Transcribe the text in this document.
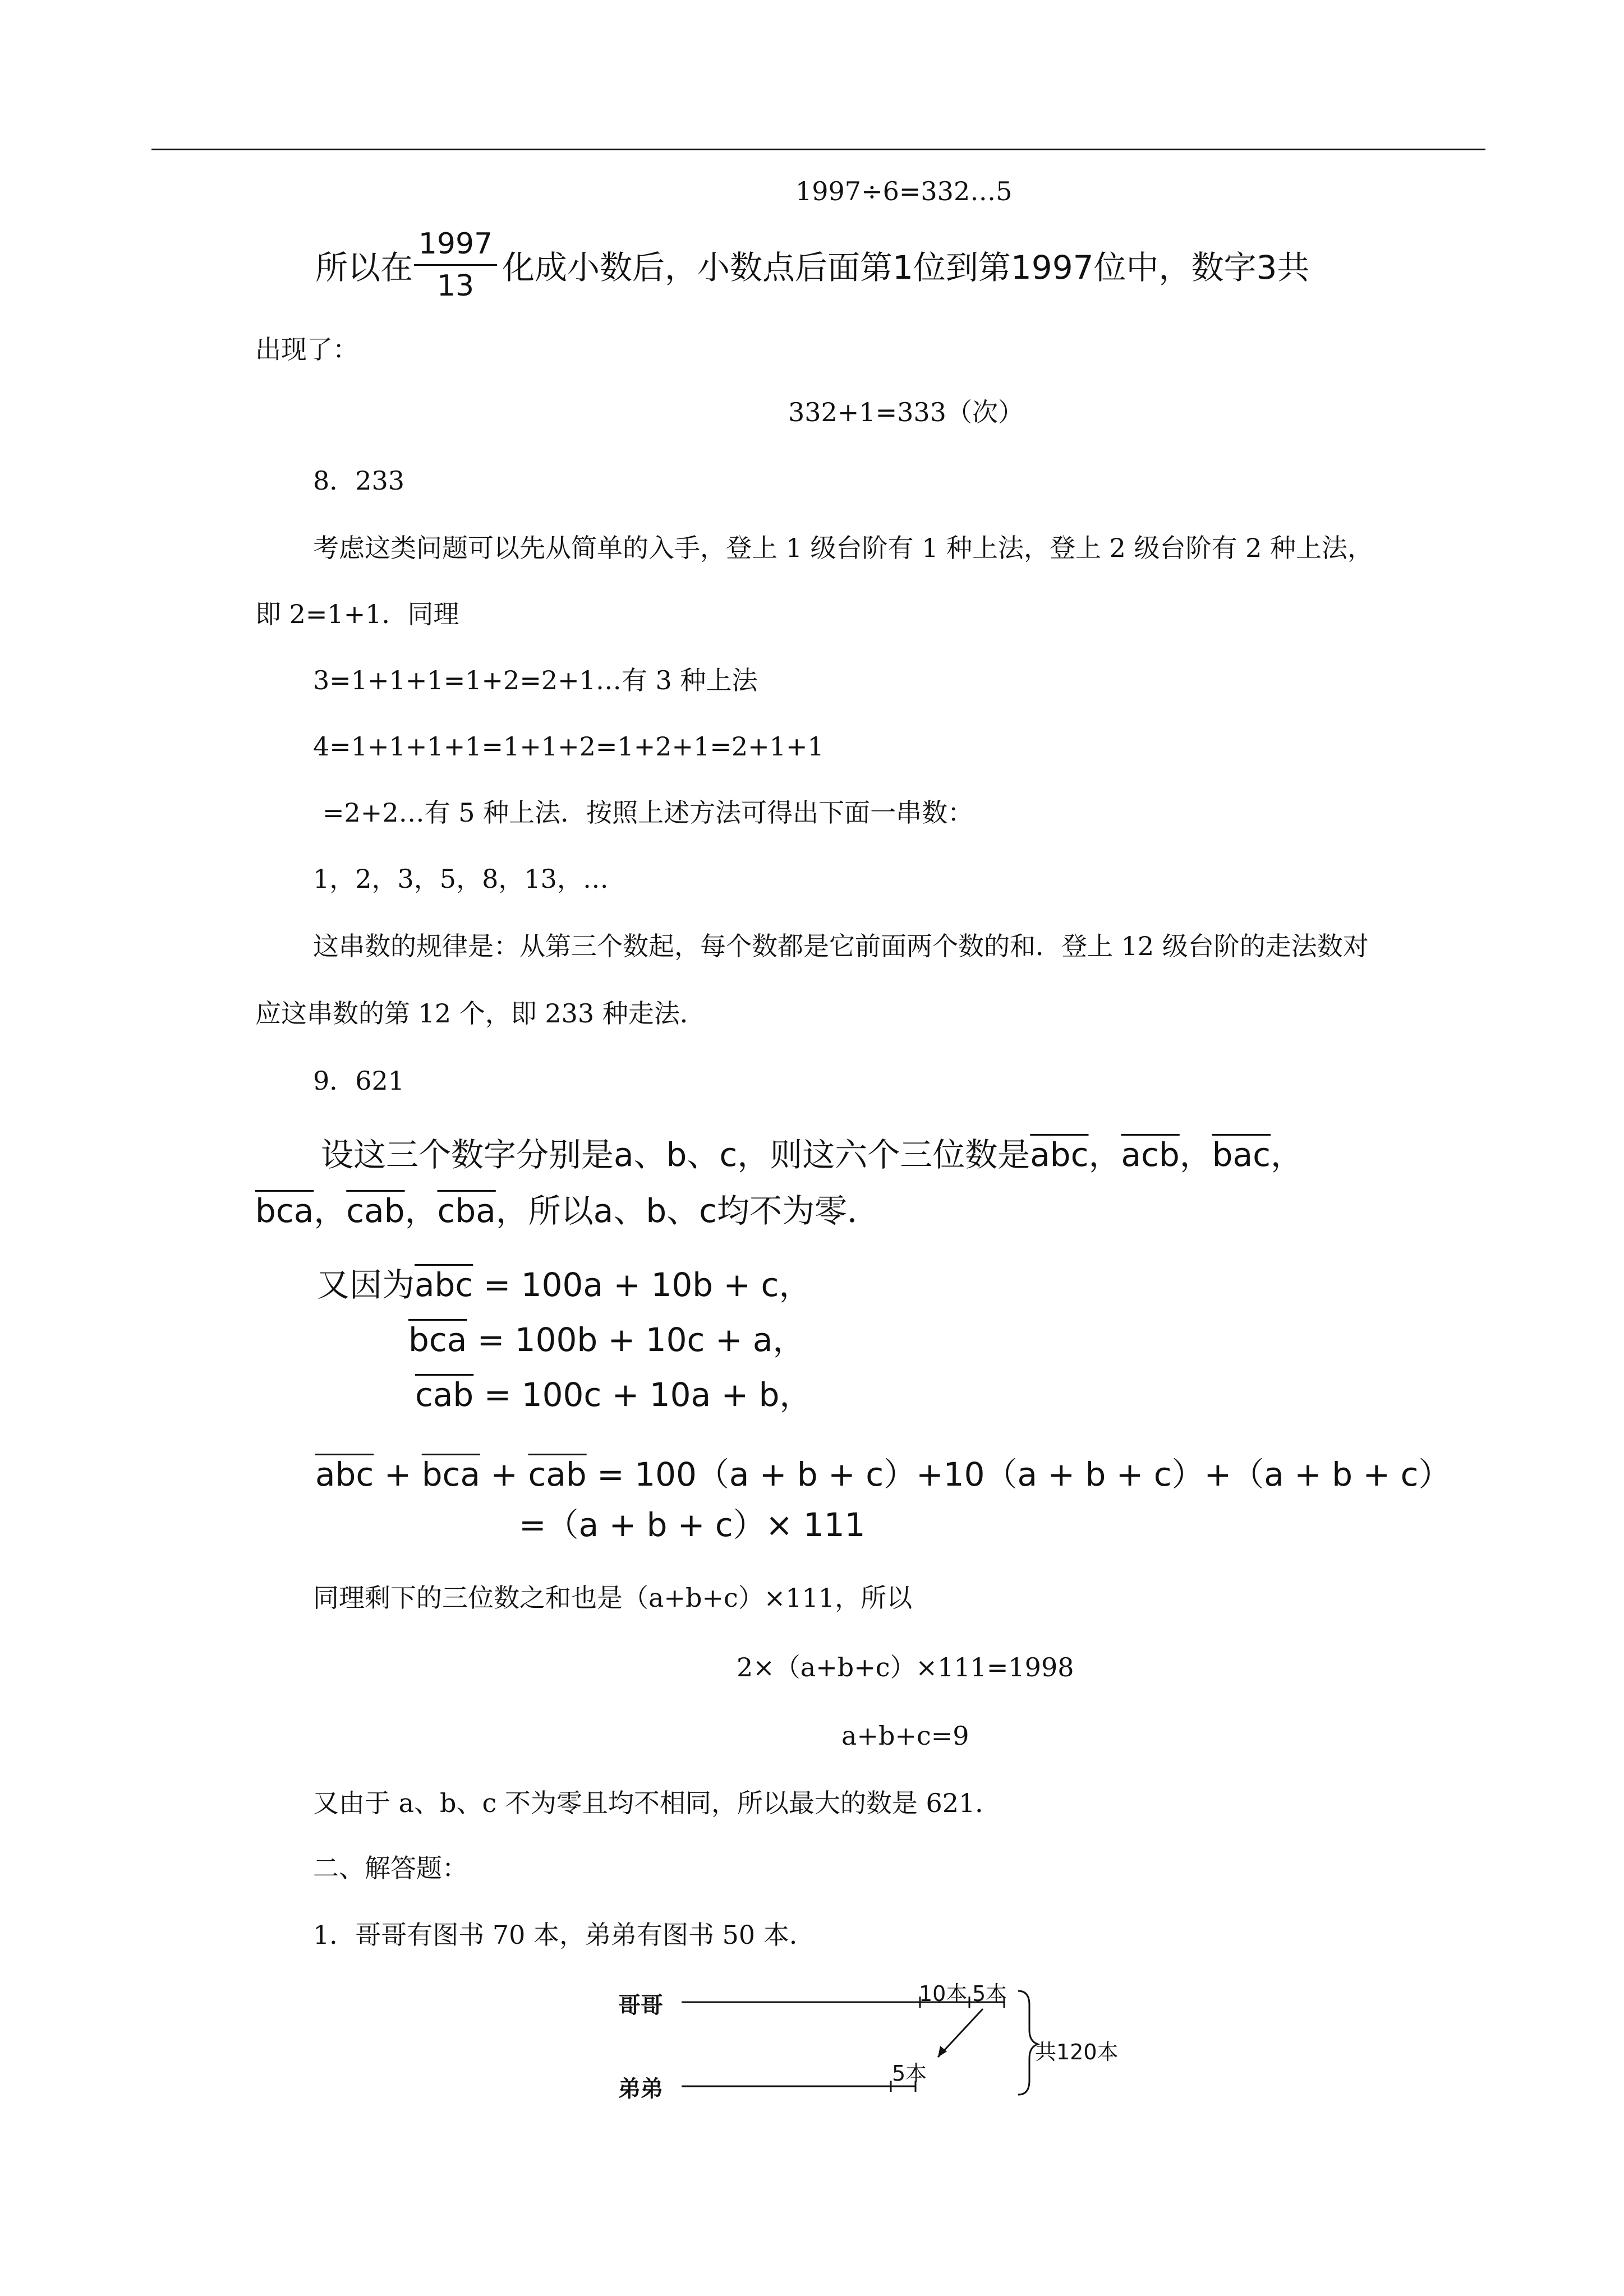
1997÷6=332…5
所以在 $\frac{1997}{13}$ 化成小数后，小数点后面第1位到第1997位中，数字3共
出现了：
332+1=333（次）
8．233
考虑这类问题可以先从简单的入手，登上 1 级台阶有 1 种上法，登上 2 级台阶有 2 种上法，
即 2=1+1．同理
3=1+1+1=1+2=2+1…有 3 种上法
4=1+1+1+1=1+1+2=1+2+1=2+1+1
=2+2…有 5 种上法．按照上述方法可得出下面一串数：
1，2，3，5，8，13，…
这串数的规律是：从第三个数起，每个数都是它前面两个数的和．登上 12 级台阶的走法数对
应这串数的第 12 个，即 233 种走法．
9．621
设这三个数字分别是a、b、c，则这六个三位数是$\overline{abc}$，$\overline{acb}$，$\overline{bac}$，
$\overline{bca}$，$\overline{cab}$，$\overline{cba}$，所以a、b、c均不为零．
又因为$\overline{abc} = 100a + 10b + c$，
$\overline{bca} = 100b + 10c + a$，
$\overline{cab} = 100c + 10a + b$，
$\overline{abc} + \overline{bca} + \overline{cab} = 100(a + b + c)+10(a + b + c)+(a + b + c)$
=（a + b + c）× 111
同理剩下的三位数之和也是（a+b+c）×111，所以
2×（a+b+c）×111=1998
a+b+c=9
又由于 a、b、c 不为零且均不相同，所以最大的数是 621．
二、解答题：
1．哥哥有图书 70 本，弟弟有图书 50 本．
哥哥
弟弟
10本 5本
5本
共120本
